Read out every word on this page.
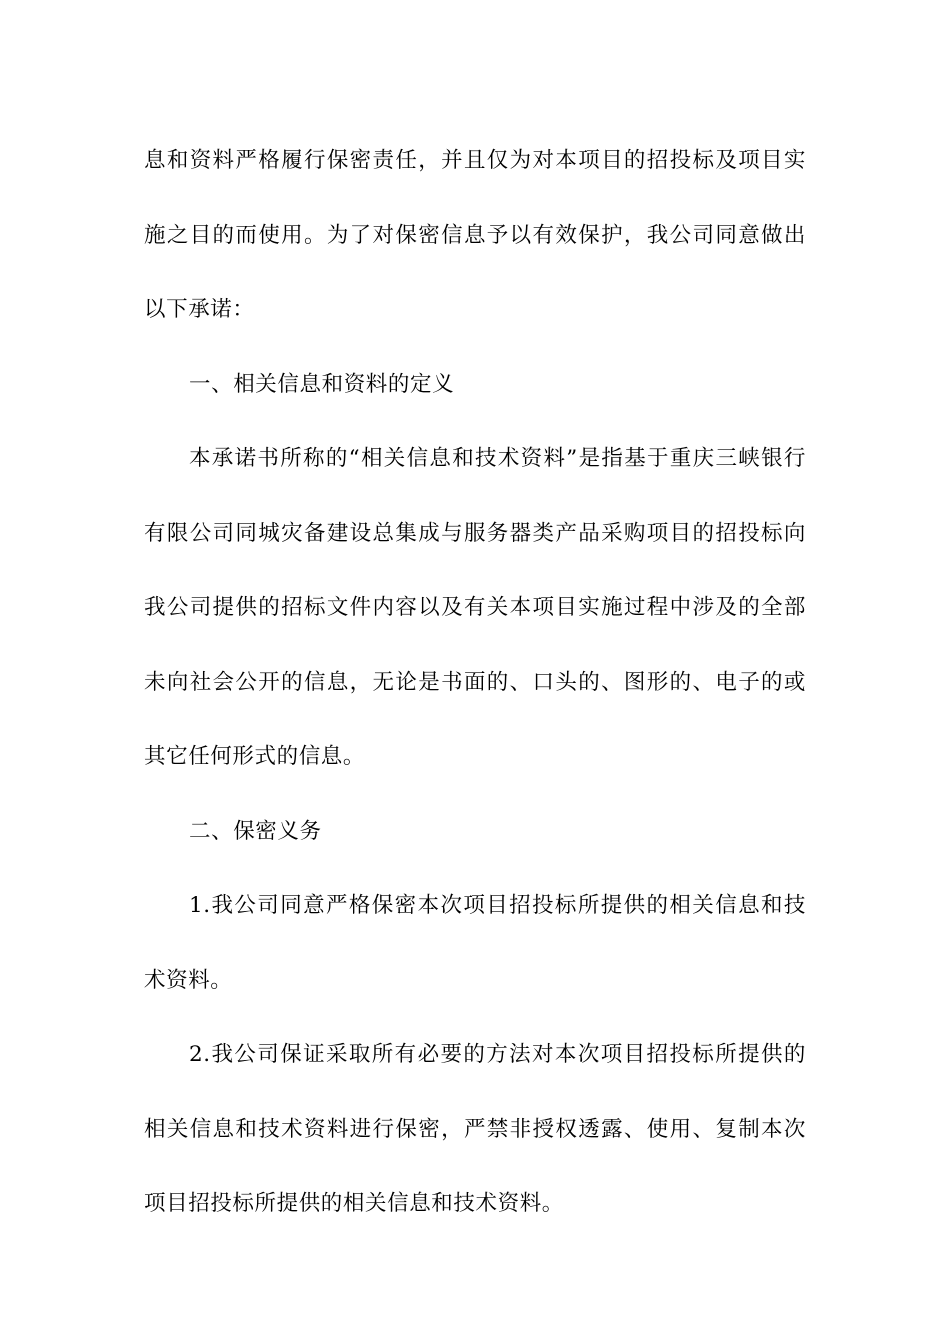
息和资料严格履行保密责任，并且仅为对本项目的招投标及项目实施之目的而使用。为了对保密信息予以有效保护，我公司同意做出以下承诺：

一、相关信息和资料的定义

本承诺书所称的“相关信息和技术资料”是指基于重庆三峡银行有限公司同城灾备建设总集成与服务器类产品采购项目的招投标向我公司提供的招标文件内容以及有关本项目实施过程中涉及的全部未向社会公开的信息，无论是书面的、口头的、图形的、电子的或其它任何形式的信息。

二、保密义务

1.我公司同意严格保密本次项目招投标所提供的相关信息和技术资料。

2.我公司保证采取所有必要的方法对本次项目招投标所提供的相关信息和技术资料进行保密，严禁非授权透露、使用、复制本次项目招投标所提供的相关信息和技术资料。
